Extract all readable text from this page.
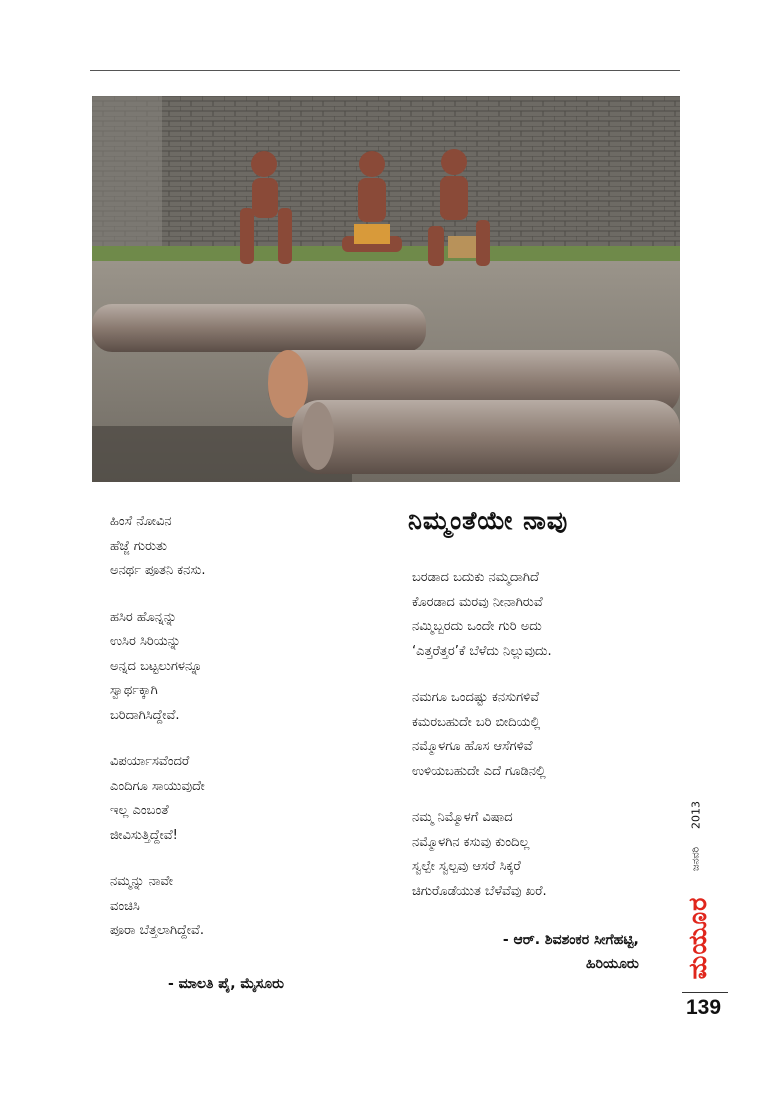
ಹಿಂಸೆ ನೋವಿನ
ಹೆಜ್ಜೆ ಗುರುತು
ಅನರ್ಥ ಪೂತನಿ ಕನಸು.
ಹಸಿರ ಹೊನ್ನನ್ನು
ಉಸಿರ ಸಿರಿಯನ್ನು
ಅನ್ನದ ಬಟ್ಟಲುಗಳನ್ನೂ
ಸ್ವಾರ್ಥಕ್ಕಾಗಿ
ಬರಿದಾಗಿಸಿದ್ದೇವೆ.
ವಿಪರ್ಯಾಸವೆಂದರೆ
ಎಂದಿಗೂ ಸಾಯುವುದೇ
ಇಲ್ಲ ಎಂಬಂತೆ
ಜೀವಿಸುತ್ತಿದ್ದೇವೆ!
ನಮ್ಮನ್ನು ನಾವೇ
ವಂಚಿಸಿ
ಪೂರಾ ಬೆತ್ತಲಾಗಿದ್ದೇವೆ.
- ಮಾಲತಿ ಪೈ, ಮೈಸೂರು
ನಿಮ್ಮಂತೆಯೇ ನಾವು
ಬರಡಾದ ಬದುಕು ನಮ್ಮದಾಗಿದೆ
ಕೊರಡಾದ ಮರವು ನೀನಾಗಿರುವೆ
ನಮ್ಮಿಬ್ಬರದು ಒಂದೇ ಗುರಿ ಅದು
‘ಎತ್ತರೆತ್ತರ’ಕೆ ಬೆಳೆದು ನಿಲ್ಲುವುದು.
ನಮಗೂ ಒಂದಷ್ಟು ಕನಸುಗಳಿವೆ
ಕಮರಬಹುದೇ ಬರಿ ಬೀದಿಯಲ್ಲಿ
ನಮ್ಮೊಳಗೂ ಹೊಸ ಆಸೆಗಳಿವೆ
ಉಳಿಯಬಹುದೇ ಎದೆ ಗೂಡಿನಲ್ಲಿ
ನಮ್ಮ ನಿಮ್ಮೊಳಗೆ ವಿಷಾದ
ನಮ್ಮೊಳಗಿನ ಕಸುವು ಕುಂದಿಲ್ಲ
ಸ್ವಲ್ಪೇ ಸ್ವಲ್ಪವು ಆಸರೆ ಸಿಕ್ಕರೆ
ಚಿಗುರೊಡೆಯುತ ಬೆಳೆವೆವು ಖರೆ.
- ಆರ್. ಶಿವಶಂಕರ ಸೀಗೆಹಟ್ಟಿ,
ಹಿರಿಯೂರು
2013
ಜನವರಿ
ಮಯೂರ
139
